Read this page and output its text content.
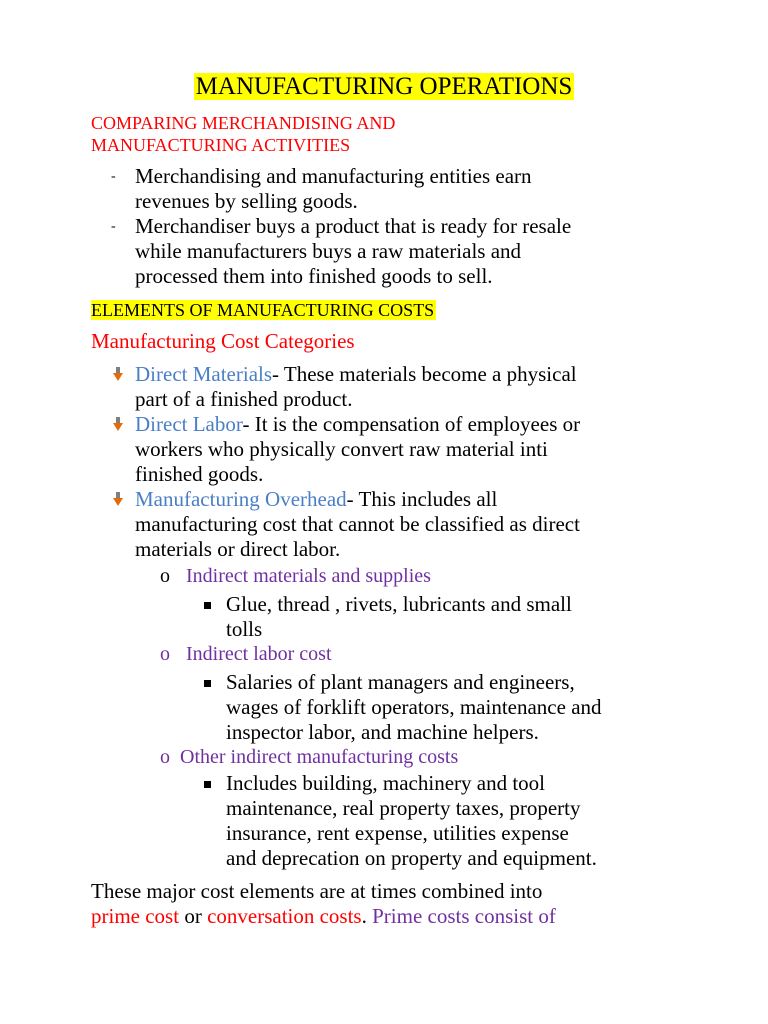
MANUFACTURING OPERATIONS
COMPARING MERCHANDISING AND
MANUFACTURING ACTIVITIES
- Merchandising and manufacturing entities earn
revenues by selling goods.
- Merchandiser buys a product that is ready for resale
while manufacturers buys a raw materials and
processed them into finished goods to sell.
ELEMENTS OF MANUFACTURING COSTS
Manufacturing Cost Categories
Direct Materials- These materials become a physical
part of a finished product.
Direct Labor- It is the compensation of employees or
workers who physically convert raw material inti
finished goods.
Manufacturing Overhead- This includes all
manufacturing cost that cannot be classified as direct
materials or direct labor.
o Indirect materials and supplies
Glue, thread , rivets, lubricants and small
tolls
o Indirect labor cost
Salaries of plant managers and engineers,
wages of forklift operators, maintenance and
inspector labor, and machine helpers.
o Other indirect manufacturing costs
Includes building, machinery and tool
maintenance, real property taxes, property
insurance, rent expense, utilities expense
and deprecation on property and equipment.
These major cost elements are at times combined into
prime cost or conversation costs. Prime costs consist of
